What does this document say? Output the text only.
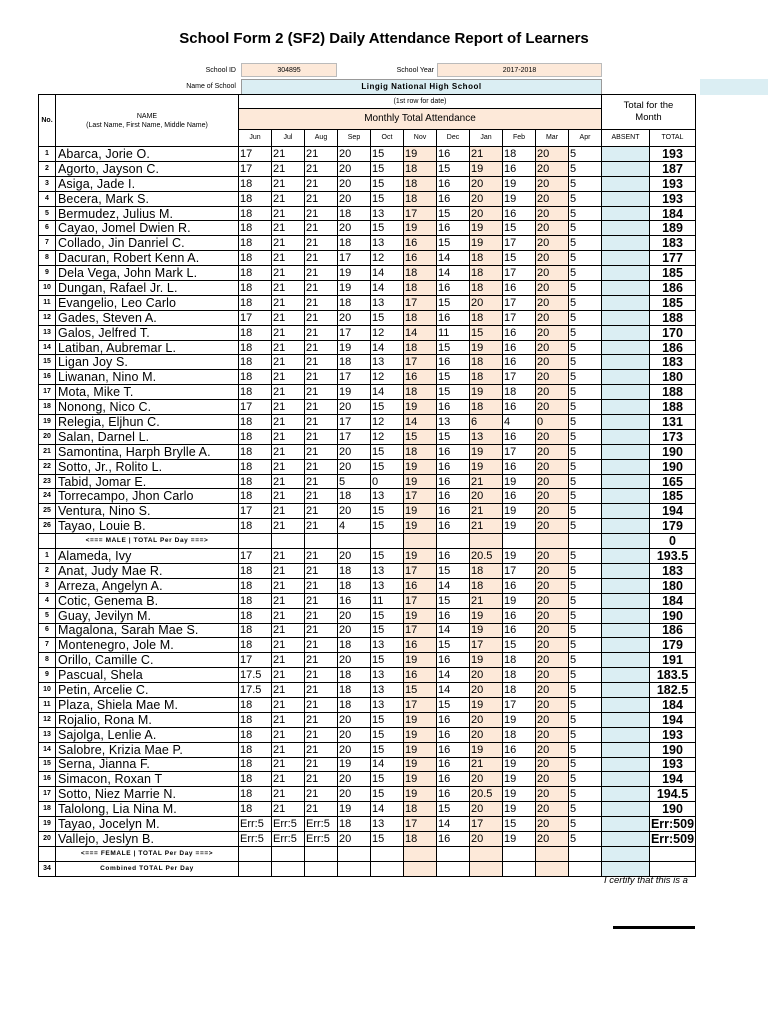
School Form 2 (SF2) Daily Attendance Report of Learners
School ID	304895	School Year	2017-2018
Name of School	Lingig National High School
No.	NAME
(Last Name, First Name, Middle Name)	(1st row for date)											Total for the Month	
		Monthly Total Attendance												
		Jun	Jul	Aug	Sep	Oct	Nov	Dec	Jan	Feb	Mar	Apr	ABSENT	TOTAL
1	Abarca, Jorie O.	17	21	21	20	15	19	16	21	18	20	5		193
2	Agorto, Jayson C.	17	21	21	20	15	18	15	19	16	20	5		187
3	Asiga, Jade I.	18	21	21	20	15	18	16	20	19	20	5		193
4	Becera, Mark S.	18	21	21	20	15	18	16	20	19	20	5		193
5	Bermudez, Julius M.	18	21	21	18	13	17	15	20	16	20	5		184
6	Cayao, Jomel Dwien R.	18	21	21	20	15	19	16	19	15	20	5		189
7	Collado, Jin Danriel C.	18	21	21	18	13	16	15	19	17	20	5		183
8	Dacuran, Robert Kenn A.	18	21	21	17	12	16	14	18	15	20	5		177
9	Dela Vega, John Mark L.	18	21	21	19	14	18	14	18	17	20	5		185
10	Dungan, Rafael Jr. L.	18	21	21	19	14	18	16	18	16	20	5		186
11	Evangelio, Leo Carlo	18	21	21	18	13	17	15	20	17	20	5		185
12	Gades, Steven A.	17	21	21	20	15	18	16	18	17	20	5		188
13	Galos, Jelfred T.	18	21	21	17	12	14	11	15	16	20	5		170
14	Latiban, Aubremar L.	18	21	21	19	14	18	15	19	16	20	5		186
15	Ligan Joy S.	18	21	21	18	13	17	16	18	16	20	5		183
16	Liwanan, Nino M.	18	21	21	17	12	16	15	18	17	20	5		180
17	Mota, Mike T.	18	21	21	19	14	18	15	19	18	20	5		188
18	Nonong, Nico C.	17	21	21	20	15	19	16	18	16	20	5		188
19	Relegia, Eljhun C.	18	21	21	17	12	14	13	6	4	0	5		131
20	Salan, Darnel L.	18	21	21	17	12	15	15	13	16	20	5		173
21	Samontina, Harph Brylle A.	18	21	21	20	15	18	16	19	17	20	5		190
22	Sotto, Jr., Rolito L.	18	21	21	20	15	19	16	19	16	20	5		190
23	Tabid, Jomar E.	18	21	21	5	0	19	16	21	19	20	5		165
24	Torrecampo, Jhon Carlo	18	21	21	18	13	17	16	20	16	20	5		185
25	Ventura, Nino S.	17	21	21	20	15	19	16	21	19	20	5		194
26	Tayao, Louie B.	18	21	21	4	15	19	16	21	19	20	5		179
	<=== MALE | TOTAL Per Day ===>													0
1	Alameda, Ivy	17	21	21	20	15	19	16	20.5	19	20	5		193.5
2	Anat, Judy Mae R.	18	21	21	18	13	17	15	18	17	20	5		183
3	Arreza, Angelyn A.	18	21	21	18	13	16	14	18	16	20	5		180
4	Cotic, Genema B.	18	21	21	16	11	17	15	21	19	20	5		184
5	Guay, Jevilyn M.	18	21	21	20	15	19	16	19	16	20	5		190
6	Magalona, Sarah Mae S.	18	21	21	20	15	17	14	19	16	20	5		186
7	Montenegro, Jole M.	18	21	21	18	13	16	15	17	15	20	5		179
8	Orillo, Camille C.	17	21	21	20	15	19	16	19	18	20	5		191
9	Pascual, Shela	17.5	21	21	18	13	16	14	20	18	20	5		183.5
10	Petin, Arcelie C.	17.5	21	21	18	13	15	14	20	18	20	5		182.5
11	Plaza, Shiela Mae M.	18	21	21	18	13	17	15	19	17	20	5		184
12	Rojalio, Rona M.	18	21	21	20	15	19	16	20	19	20	5		194
13	Sajolga, Lenlie A.	18	21	21	20	15	19	16	20	18	20	5		193
14	Salobre, Krizia Mae P.	18	21	21	20	15	19	16	19	16	20	5		190
15	Serna, Jianna F.	18	21	21	19	14	19	16	21	19	20	5		193
16	Simacon, Roxan T	18	21	21	20	15	19	16	20	19	20	5		194
17	Sotto, Niez Marrie N.	18	21	21	20	15	19	16	20.5	19	20	5		194.5
18	Talolong, Lia Nina M.	18	21	21	19	14	18	15	20	19	20	5		190
19	Tayao, Jocelyn M.	Err:5	Err:5	Err:5	18	13	17	14	17	15	20	5		Err:509
20	Vallejo, Jeslyn B.	Err:5	Err:5	Err:5	20	15	18	16	20	19	20	5		Err:509
	<=== FEMALE | TOTAL Per Day ===>													
34	Combined TOTAL Per Day													
I certify that this is a
